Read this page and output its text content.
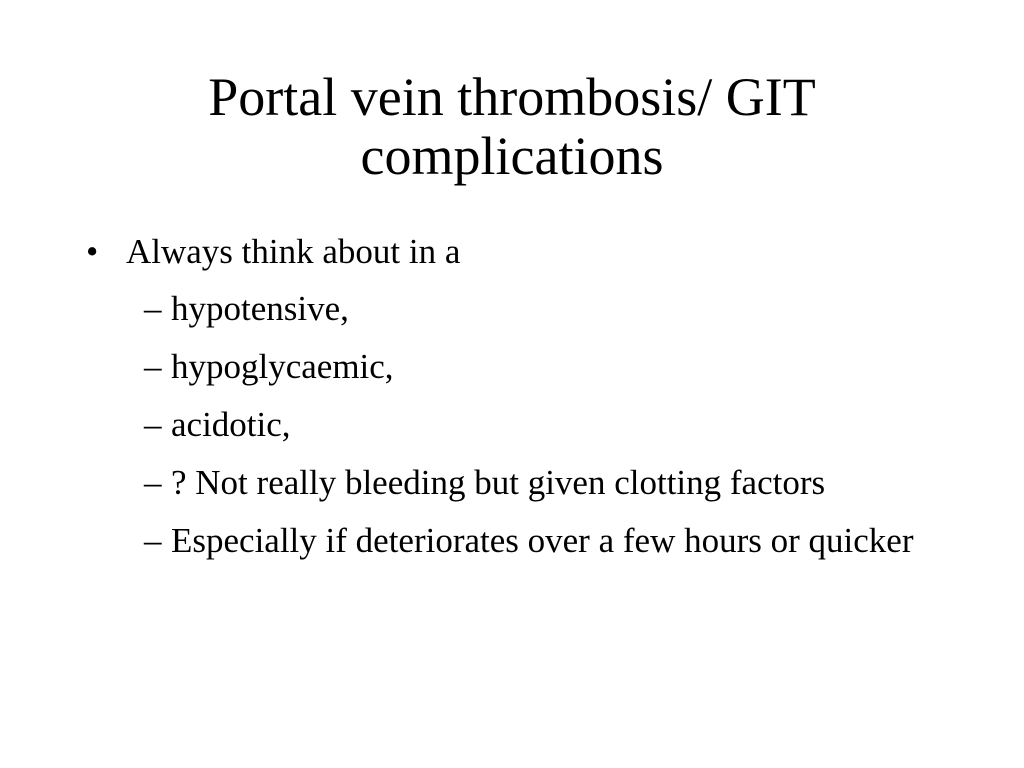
Portal vein thrombosis/ GIT complications
• Always think about in a
– hypotensive,
– hypoglycaemic,
– acidotic,
– ? Not really bleeding but given clotting factors
– Especially if deteriorates over a few hours or quicker
